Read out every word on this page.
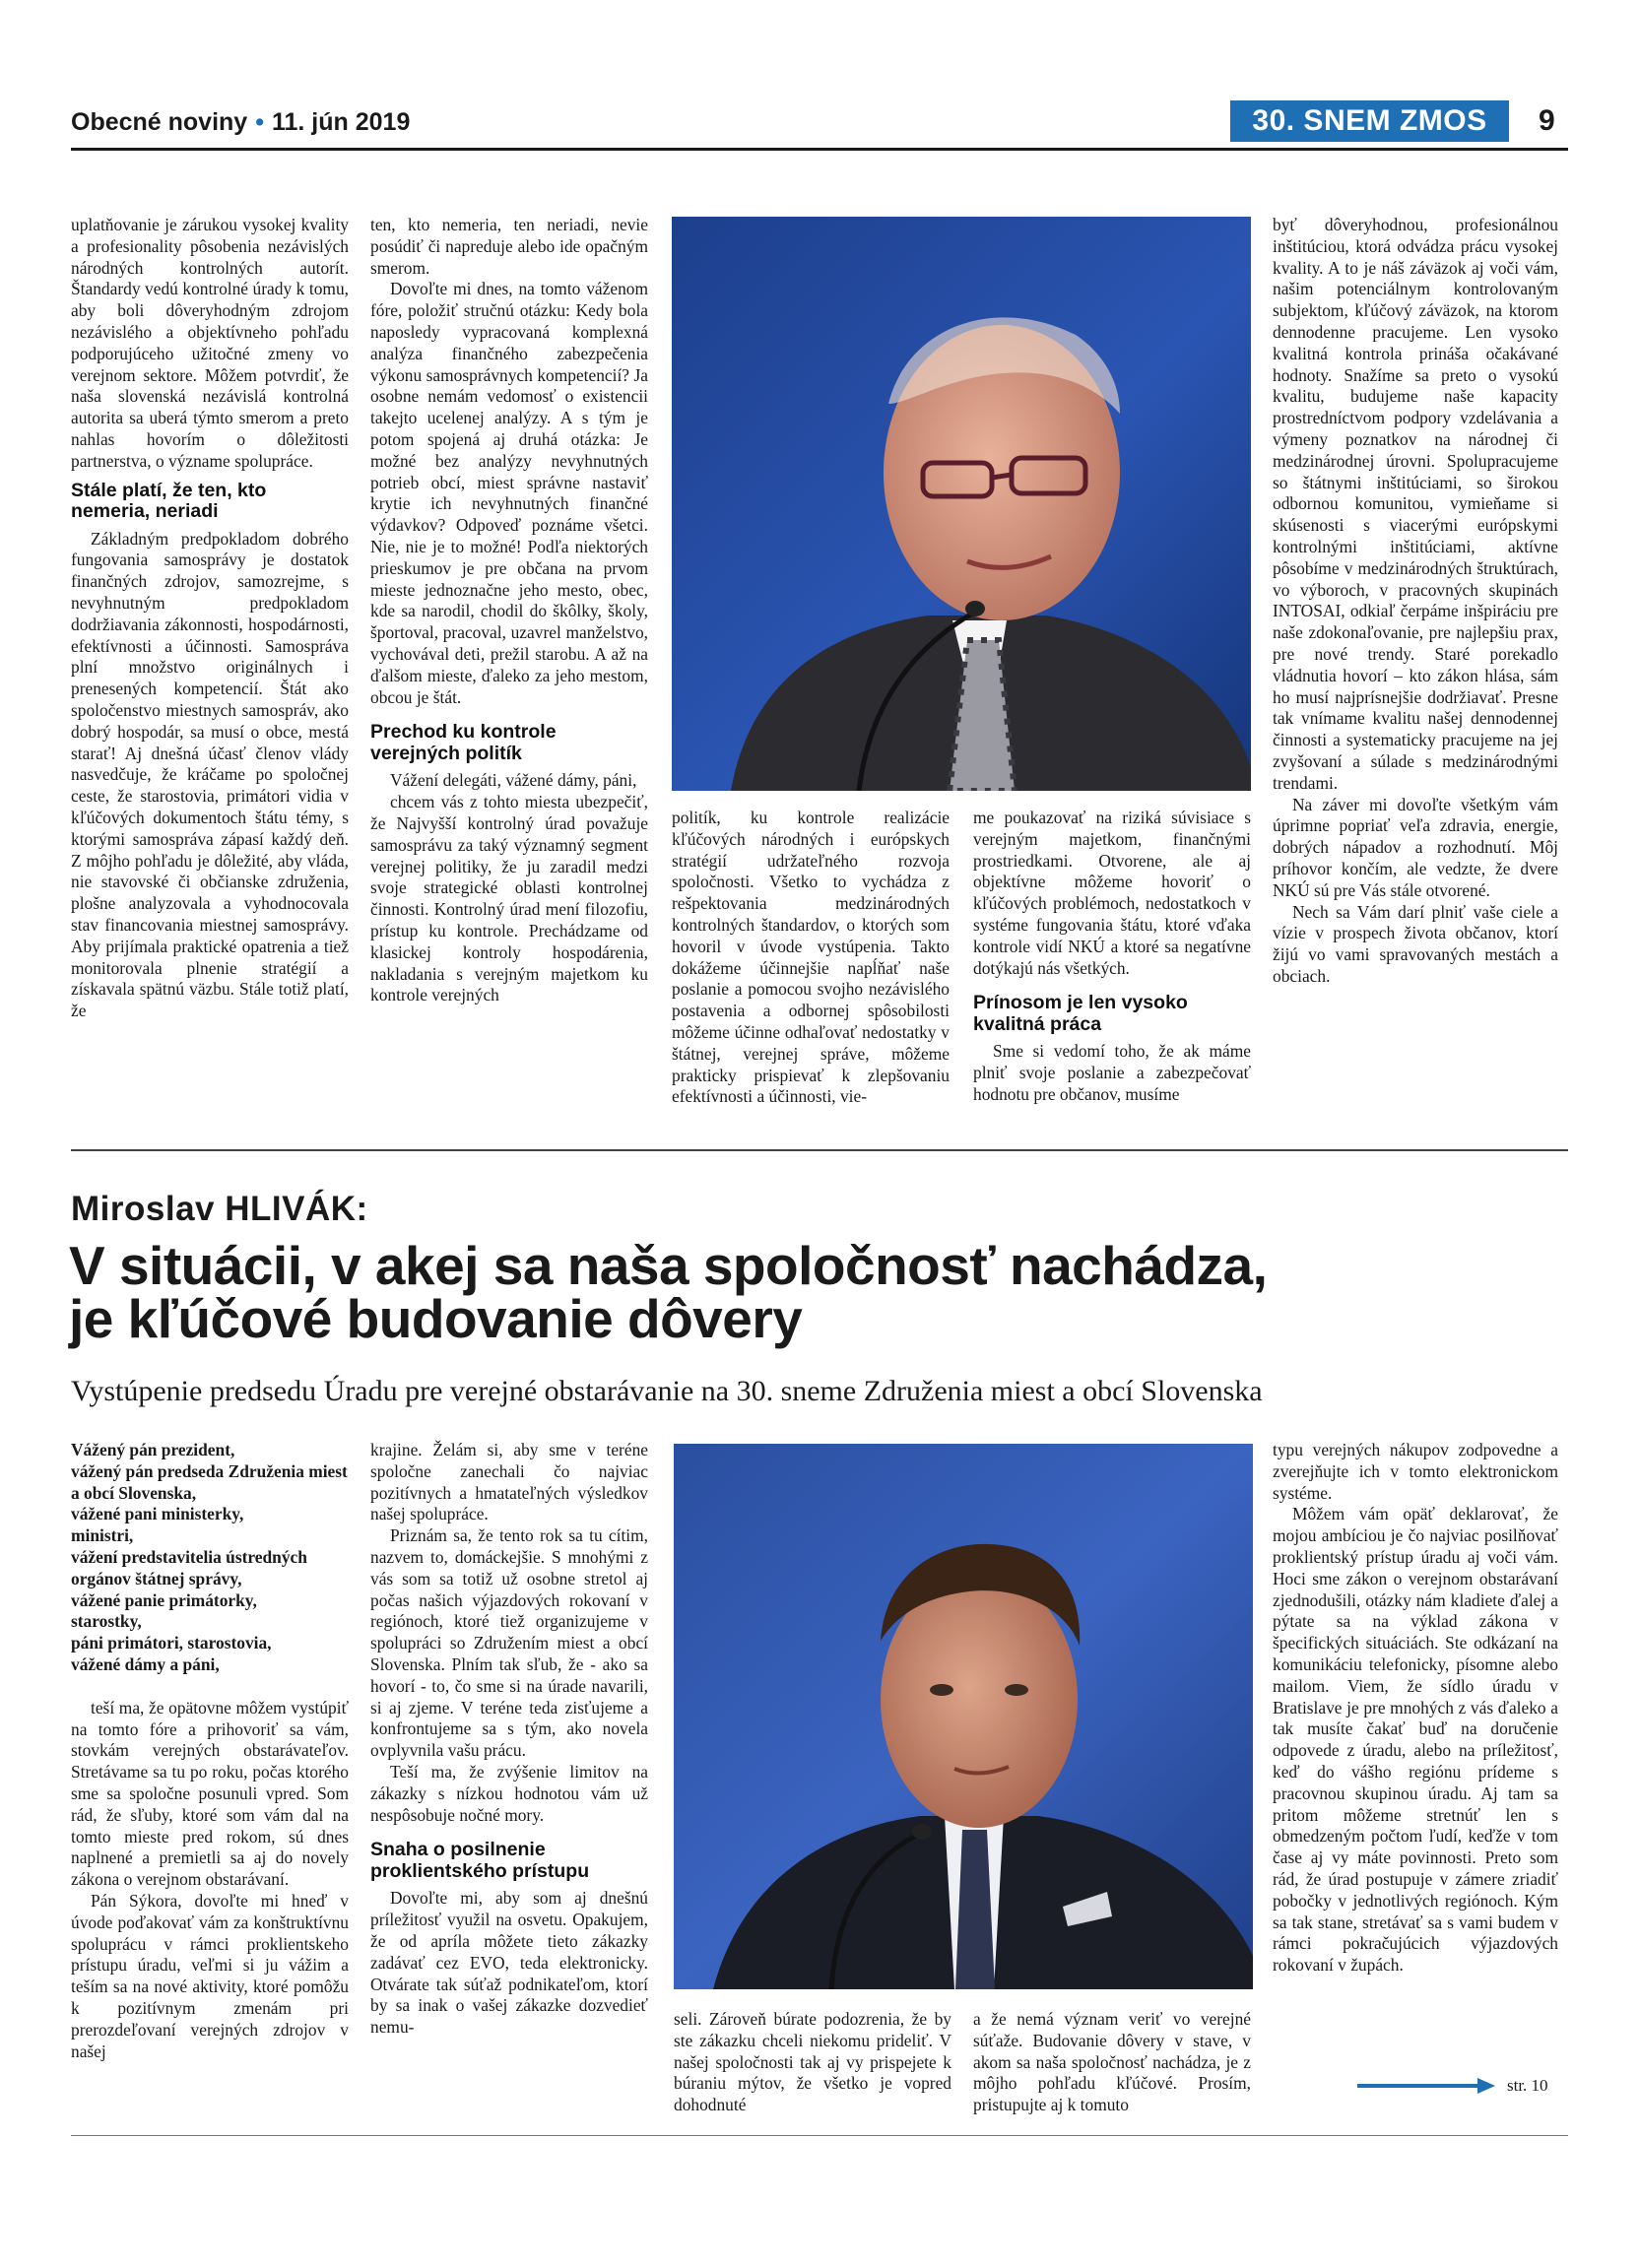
Obecné noviny • 11. jún 2019	30. SNEM ZMOS	9

uplatňovanie je zárukou vysokej kvality a profesionality pôsobenia nezávislých národných kontrolných autorít. Štandardy vedú kontrolné úrady k tomu, aby boli dôveryhodným zdrojom nezávislého a objektívneho pohľadu podporujúceho užitočné zmeny vo verejnom sektore. Môžem potvrdiť, že naša slovenská nezávislá kontrolná autorita sa uberá týmto smerom a preto nahlas hovorím o dôležitosti partnerstva, o význame spolupráce.

Stále platí, že ten, kto nemeria, neriadi

Základným predpokladom dobrého fungovania samosprávy je dostatok finančných zdrojov, samozrejme, s nevyhnutným predpokladom dodržiavania zákonnosti, hospodárnosti, efektívnosti a účinnosti. Samospráva plní množstvo originálnych i prenesených kompetencií. Štát ako spoločenstvo miestnych samospráv, ako dobrý hospodár, sa musí o obce, mestá starať! Aj dnešná účasť členov vlády nasvedčuje, že kráčame po spoločnej ceste, že starostovia, primátori vidia v kľúčových dokumentoch štátu témy, s ktorými samospráva zápasí každý deň. Z môjho pohľadu je dôležité, aby vláda, nie stavovské či občianske združenia, plošne analyzovala a vyhodnocovala stav financovania miestnej samosprávy. Aby prijímala praktické opatrenia a tiež monitorovala plnenie stratégií a získavala spätnú väzbu. Stále totiž platí, že

ten, kto nemeria, ten neriadi, nevie posúdiť či napreduje alebo ide opačným smerom.

Dovoľte mi dnes, na tomto váženom fóre, položiť stručnú otázku: Kedy bola naposledy vypracovaná komplexná analýza finančného zabezpečenia výkonu samosprávnych kompetencií? Ja osobne nemám vedomosť o existencii takejto ucelenej analýzy. A s tým je potom spojená aj druhá otázka: Je možné bez analýzy nevyhnutných potrieb obcí, miest správne nastaviť krytie ich nevyhnutných finančné výdavkov? Odpoveď poznáme všetci. Nie, nie je to možné! Podľa niektorých prieskumov je pre občana na prvom mieste jednoznačne jeho mesto, obec, kde sa narodil, chodil do škôlky, školy, športoval, pracoval, uzavrel manželstvo, vychovával deti, prežil starobu. A až na ďalšom mieste, ďaleko za jeho mestom, obcou je štát.

Prechod ku kontrole verejných politík

Vážení delegáti, vážené dámy, páni,

chcem vás z tohto miesta ubezpečiť, že Najvyšší kontrolný úrad považuje samosprávu za taký významný segment verejnej politiky, že ju zaradil medzi svoje strategické oblasti kontrolnej činnosti. Kontrolný úrad mení filozofiu, prístup ku kontrole. Prechádzame od klasickej kontroly hospodárenia, nakladania s verejným majetkom ku kontrole verejných

politík, ku kontrole realizácie kľúčových národných i európskych stratégií udržateľného rozvoja spoločnosti. Všetko to vychádza z rešpektovania medzinárodných kontrolných štandardov, o ktorých som hovoril v úvode vystúpenia. Takto dokážeme účinnejšie napĺňať naše poslanie a pomocou svojho nezávislého postavenia a odbornej spôsobilosti môžeme účinne odhaľovať nedostatky v štátnej, verejnej správe, môžeme prakticky prispievať k zlepšovaniu efektívnosti a účinnosti, vie-

me poukazovať na riziká súvisiace s verejným majetkom, finančnými prostriedkami. Otvorene, ale aj objektívne môžeme hovoriť o kľúčových problémoch, nedostatkoch v systéme fungovania štátu, ktoré vďaka kontrole vidí NKÚ a ktoré sa negatívne dotýkajú nás všetkých.

Prínosom je len vysoko kvalitná práca

Sme si vedomí toho, že ak máme plniť svoje poslanie a zabezpečovať hodnotu pre občanov, musíme

byť dôveryhodnou, profesionálnou inštitúciou, ktorá odvádza prácu vysokej kvality. A to je náš záväzok aj voči vám, našim potenciálnym kontrolovaným subjektom, kľúčový záväzok, na ktorom dennodenne pracujeme. Len vysoko kvalitná kontrola prináša očakávané hodnoty. Snažíme sa preto o vysokú kvalitu, budujeme naše kapacity prostredníctvom podpory vzdelávania a výmeny poznatkov na národnej či medzinárodnej úrovni. Spolupracujeme so štátnymi inštitúciami, so širokou odbornou komunitou, vymieňame si skúsenosti s viacerými európskymi kontrolnými inštitúciami, aktívne pôsobíme v medzinárodných štruktúrach, vo výboroch, v pracovných skupinách INTOSAI, odkiaľ čerpáme inšpiráciu pre naše zdokonaľovanie, pre najlepšiu prax, pre nové trendy. Staré porekadlo vládnutia hovorí – kto zákon hlása, sám ho musí najprísnejšie dodržiavať. Presne tak vnímame kvalitu našej dennodennej činnosti a systematicky pracujeme na jej zvyšovaní a súlade s medzinárodnými trendami.

Na záver mi dovoľte všetkým vám úprimne popriať veľa zdravia, energie, dobrých nápadov a rozhodnutí. Môj príhovor končím, ale vedzte, že dvere NKÚ sú pre Vás stále otvorené.

Nech sa Vám darí plniť vaše ciele a vízie v prospech života občanov, ktorí žijú vo vami spravovaných mestách a obciach.

Miroslav HLIVÁK:
V situácii, v akej sa naša spoločnosť nachádza,
je kľúčové budovanie dôvery
Vystúpenie predsedu Úradu pre verejné obstarávanie na 30. sneme Združenia miest a obcí Slovenska

Vážený pán prezident,
vážený pán predseda Združenia miest a obcí Slovenska,
vážené pani ministerky,
ministri,
vážení predstavitelia ústredných orgánov štátnej správy,
vážené panie primátorky,
starostky,
páni primátori, starostovia,
vážené dámy a páni,

teší ma, že opätovne môžem vystúpiť na tomto fóre a prihovoriť sa vám, stovkám verejných obstarávateľov. Stretávame sa tu po roku, počas ktorého sme sa spoločne posunuli vpred. Som rád, že sľuby, ktoré som vám dal na tomto mieste pred rokom, sú dnes naplnené a premietli sa aj do novely zákona o verejnom obstarávaní.

Pán Sýkora, dovoľte mi hneď v úvode poďakovať vám za konštruktívnu spoluprácu v rámci proklientskeho prístupu úradu, veľmi si ju vážim a teším sa na nové aktivity, ktoré pomôžu k pozitívnym zmenám pri prerozdeľovaní verejných zdrojov v našej

krajine. Želám si, aby sme v teréne spoločne zanechali čo najviac pozitívnych a hmatateľných výsledkov našej spolupráce.

Priznám sa, že tento rok sa tu cítim, nazvem to, domáckejšie. S mnohými z vás som sa totiž už osobne stretol aj počas našich výjazdových rokovaní v regiónoch, ktoré tiež organizujeme v spolupráci so Združením miest a obcí Slovenska. Plním tak sľub, že - ako sa hovorí - to, čo sme si na úrade navarili, si aj zjeme. V teréne teda zisťujeme a konfrontujeme sa s tým, ako novela ovplyvnila vašu prácu.

Teší ma, že zvýšenie limitov na zákazky s nízkou hodnotou vám už nespôsobuje nočné mory.

Snaha o posilnenie proklientského prístupu

Dovoľte mi, aby som aj dnešnú príležitosť využil na osvetu. Opakujem, že od apríla môžete tieto zákazky zadávať cez EVO, teda elektronicky. Otvárate tak súťaž podnikateľom, ktorí by sa inak o vašej zákazke dozvedieť nemu-	seli. Zároveň búrate podozrenia, že by ste zákazku chceli niekomu prideliť. V našej spoločnosti tak aj vy prispejete k búraniu mýtov, že všetko je vopred dohodnuté

a že nemá význam veriť vo verejné súťaže. Budovanie dôvery v stave, v akom sa naša spoločnosť nachádza, je z môjho pohľadu kľúčové. Prosím, pristupujte aj k tomuto

typu verejných nákupov zodpovedne a zverejňujte ich v tomto elektronickom systéme.

Môžem vám opäť deklarovať, že mojou ambíciou je čo najviac posilňovať proklientský prístup úradu aj voči vám. Hoci sme zákon o verejnom obstarávaní zjednodušili, otázky nám kladiete ďalej a pýtate sa na výklad zákona v špecifických situáciách. Ste odkázaní na komunikáciu telefonicky, písomne alebo mailom. Viem, že sídlo úradu v Bratislave je pre mnohých z vás ďaleko a tak musíte čakať buď na doručenie odpovede z úradu, alebo na príležitosť, keď do vášho regiónu prídeme s pracovnou skupinou úradu. Aj tam sa pritom môžeme stretnúť len s obmedzeným počtom ľudí, keďže v tom čase aj vy máte povinnosti. Preto som rád, že úrad postupuje v zámere zriadiť pobočky v jednotlivých regiónoch. Kým sa tak stane, stretávať sa s vami budem v rámci pokračujúcich výjazdových rokovaní v župách.

str. 10
